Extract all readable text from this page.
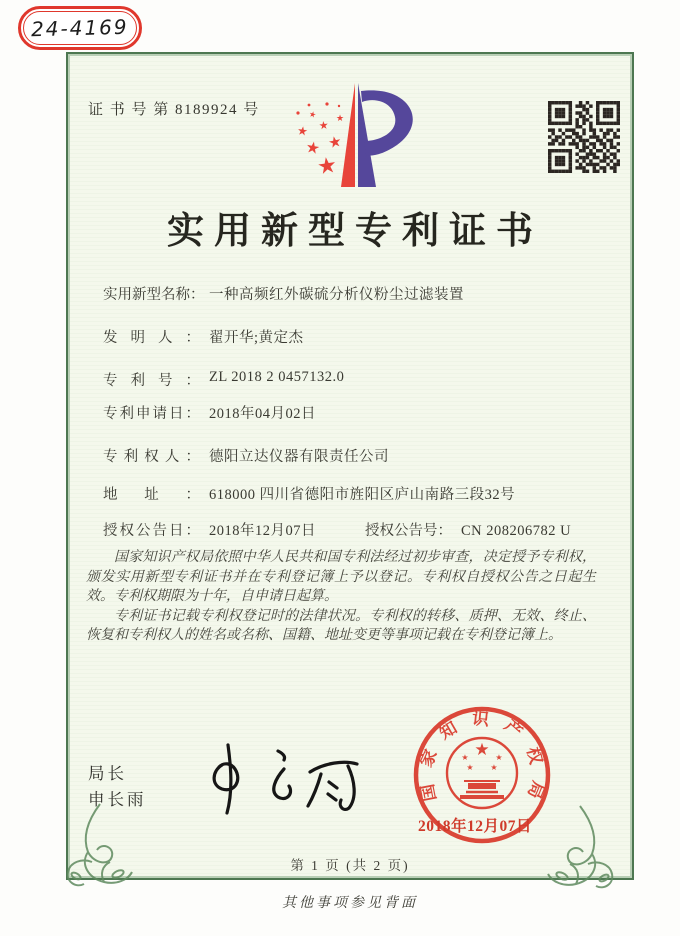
24-4169
证 书 号 第 8189924 号
★
★ ★
★ ★ ★
★
实用新型专利证书
实用新型名称： 一种高频红外碳硫分析仪粉尘过滤装置
发明人： 翟开华;黄定杰
专利号： ZL 2018 2 0457132.0
专利申请日： 2018年04月02日
专利权人： 德阳立达仪器有限责任公司
地址： 618000 四川省德阳市旌阳区庐山南路三段32号
授权公告日： 2018年12月07日	授权公告号： CN 208206782 U

国家知识产权局依照中华人民共和国专利法经过初步审查，决定授予专利权，颁发实用新型专利证书并在专利登记簿上予以登记。专利权自授权公告之日起生效。专利权期限为十年，自申请日起算。

专利证书记载专利权登记时的法律状况。专利权的转移、质押、无效、终止、恢复和专利权人的姓名或名称、国籍、地址变更等事项记载在专利登记簿上。

局长
申长雨	国家知识产权局
★
★	★
★ ★
2018年12月07日
第 1 页 (共 2 页)
其他事项参见背面
